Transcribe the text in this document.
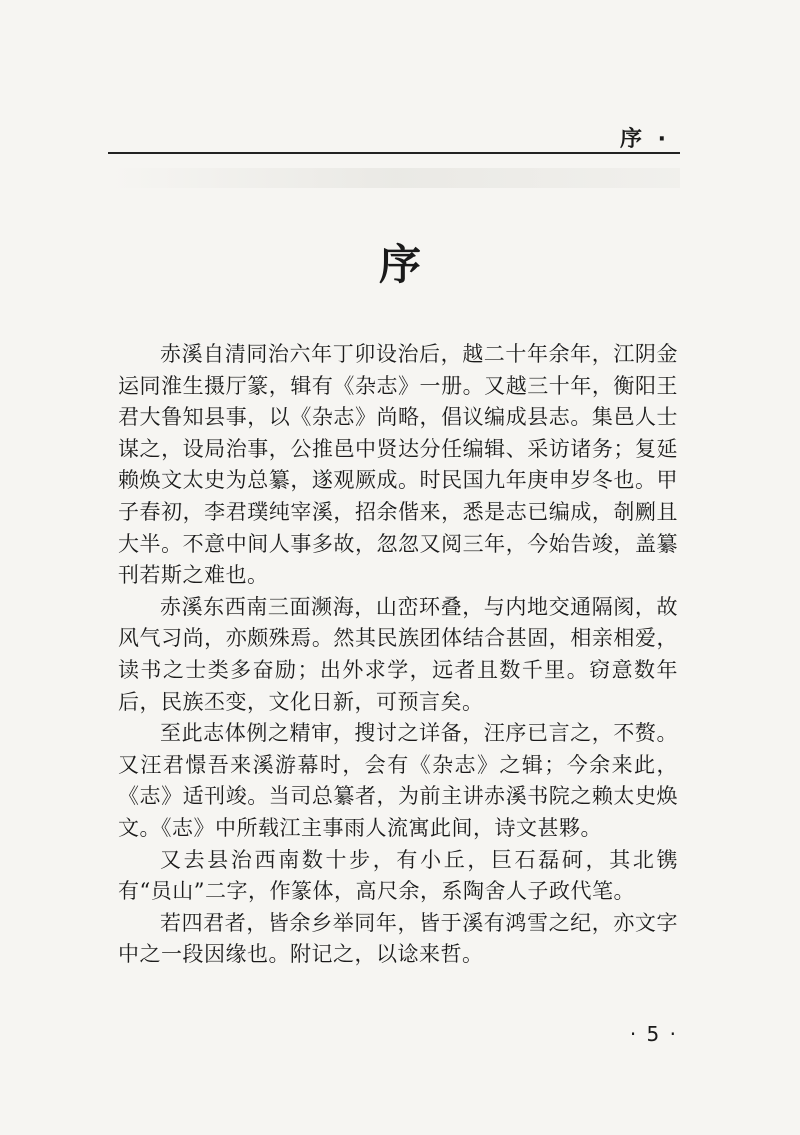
序 ·
序

赤溪自清同治六年丁卯设治后，越二十年余年，江阴金运同淮生摄厅篆，辑有《杂志》一册。又越三十年，衡阳王君大鲁知县事，以《杂志》尚略，倡议编成县志。集邑人士谋之，设局治事，公推邑中贤达分任编辑、采访诸务；复延赖焕文太史为总纂，遂观厥成。时民国九年庚申岁冬也。甲子春初，李君璞纯宰溪，招余偕来，悉是志已编成，剞劂且大半。不意中间人事多故，忽忽又阅三年，今始告竣，盖纂刊若斯之难也。

赤溪东西南三面濒海，山峦环叠，与内地交通隔阂，故风气习尚，亦颇殊焉。然其民族团体结合甚固，相亲相爱，读书之士类多奋励；出外求学，远者且数千里。窃意数年后，民族丕变，文化日新，可预言矣。

至此志体例之精审，搜讨之详备，汪序已言之，不赘。又汪君憬吾来溪游幕时，会有《杂志》之辑；今余来此，《志》适刊竣。当司总纂者，为前主讲赤溪书院之赖太史焕文。《志》中所载江主事雨人流寓此间，诗文甚夥。

又去县治西南数十步，有小丘，巨石磊砢，其北镌有“员山”二字，作篆体，高尺余，系陶舍人子政代笔。

若四君者，皆余乡举同年，皆于溪有鸿雪之纪，亦文字中之一段因缘也。附记之，以谂来哲。

· 5 ·
